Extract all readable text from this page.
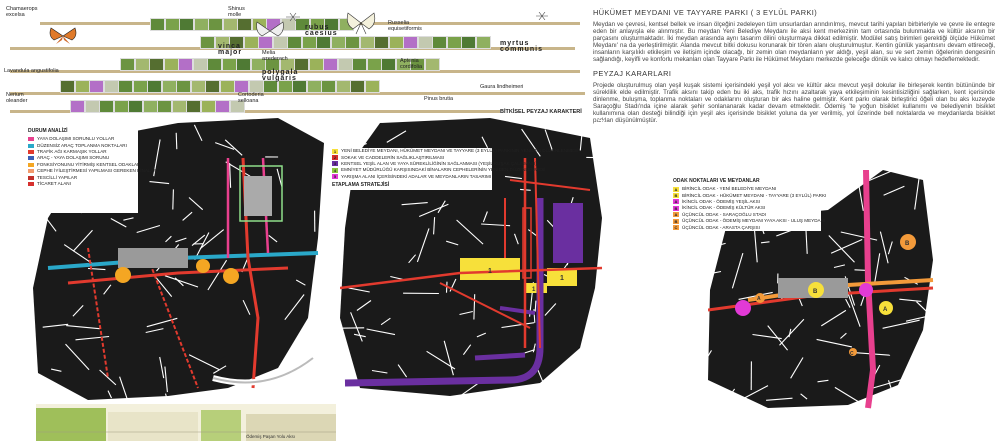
Chamaerops excelsa
Shinus molle
Russelia equisetiformis
rubus caesius
myrtus communis
vinca major	Melia azederach	Aptenia cordifolia
Lavandula angustifolia	polygala vulgaris
Gaura lindheimeri
Nerium oleander
Cortoderia selloana	Pinus brutia
BİTKİSEL PEYZAJ KARAKTERİ
HÜKÜMET MEYDANI VE TAYYARE PARKI ( 3 EYLÜL PARKI)

Meydan ve çevresi, kentsel bellek ve insan ölçeğini zedeleyen tüm unsurlardan arındırılmış, mevcut tarihi yapıları birbirleriyle ve çevre ile entegre eden bir anlayışla ele alınmıştır. Bu meydan Yeni Belediye Meydanı ile aksi kent merkezinin tam ortasında bulunmakta ve kültür aksının bir parçasını oluşturmaktadır. İki meydan arasında aynı tasarım dilini oluşturmaya dikkat edilmiştir. Modülel satış birimleri gerektiği ölçüde Hükümet Meydanı' na da yerleştirilmiştir. Alanda mevcut bitki dokusu korunarak bir tören alanı oluşturulmuştur. Kentin günlük yaşantısını devam ettireceği, insanların karşılıklı etkileşim ve iletişim içinde olacağı, bir zemin olan meydanların yer aldığı, yeşil alan, su ve sert zemin öğelerinin dengesinin sağlandığı, keyifli ve konforlu mekanları olan Tayyare Parkı ile Hükümet Meydanı merkezde geleceğe dönük ve kalıcı olmayı hedeflemektedir.

PEYZAJ KARARLARI

Projede oluşturulmuş olan yeşil kuşak sistemi içerisindeki yeşil yol aksı ve kültür aksı mevcut yeşil dokular ile birleşerek kentin bütününde bir süreklilik elde edilmiştir. Trafik aksını takip eden bu iki aks, trafik hızını azaltarak yaya etkileşiminin kesintisizliğini sağlarken, kent içerisinde dinlenme, buluşma, toplanma noktaları ve odaklarını oluşturan bir aks haline gelmiştir. Kent parkı olarak birleştirici öğeli olan bu aks kuzeyde Saraçoğlu Stadı'nda içine alarak şehir sonlananarak kadar devam etmektedir. Ödemiş 'te yoğun bisiklet kullanımı ve belediyenin bisiklet kullanımına olan desteği bilindiği için yeşil aks içerisinde bisiklet yoluna da yer verilmiş, yol üzerinde bell noktalarda ve meydanlarda bisiklet parkları düşünülmüştür.

DURUM ANALİZİ
YAYA DOLAŞIMI SORUNLU YOLLAR
DÜZENSİZ ARAÇ TOPLANMA NOKTALARI
TRAFİK AĞI KARMAŞIK YOLLAR
ARAÇ - YAYA DOLAŞIMI SORUNU
FONKSİYONUNU YİTİRMİŞ KENTSEL ODAKLAR
CEPHE İYİLEŞTİRMESİ YAPILMASI GEREKEN BİNALAR
TESCİLLİ YAPILAR
TİCARET ALANI
1
1
1
1	YENİ BELEDİYE MEYDANI, HÜKÜMET MEYDANI VE TAYYARE (3 EYLÜL) PARKININ YENİDEN DÜZENLENMESİ
2	SOKAK VE CADDELERİN SAĞLIKLAŞTIRILMASI
3	KENTSEL YEŞİL ALAN VE YAYA SÜREKLİLİĞİNİN SAĞLANMASI (YEŞİL KUŞAK ÇALIŞMASI)
4	EMNİYET MÜDÜRLÜĞÜ KARŞISINDAKİ BİNALARIN CEPHELERİNİN YENİDEN DÜZENLENMESİ
5	YARIŞMA ALANI İÇERİSİNDEKİ ADALAR VE MEYDANLARIN TASARIMI
ETAPLAMA STRATEJİSİ
A
B
A
B
C
ODAK NOKTALARI VE MEYDANLAR
A BİRİNCİL ODAK - YENİ BELEDİYE MEYDANI
B BİRİNCİL ODAK - HÜKÜMET MEYDANI - TAYYARE (3 EYLÜL) PARKI
A İKİNCİL ODAK - ÖDEMİŞ YEŞİL AKSI
B İKİNCİL ODAK - ÖDEMİŞ KÜLTÜR AKSI
A ÜÇÜNCÜL ODAK - SARAÇOĞLU STADI
B ÜÇÜNCÜL ODAK - ÖDEMİŞ MEYDANI YAYA AKSI - ULUŞ MEYDANI
C ÜÇÜNCÜL ODAK - ARASTA ÇARŞISI
Ödemiş Paşan Yolu Aksı
